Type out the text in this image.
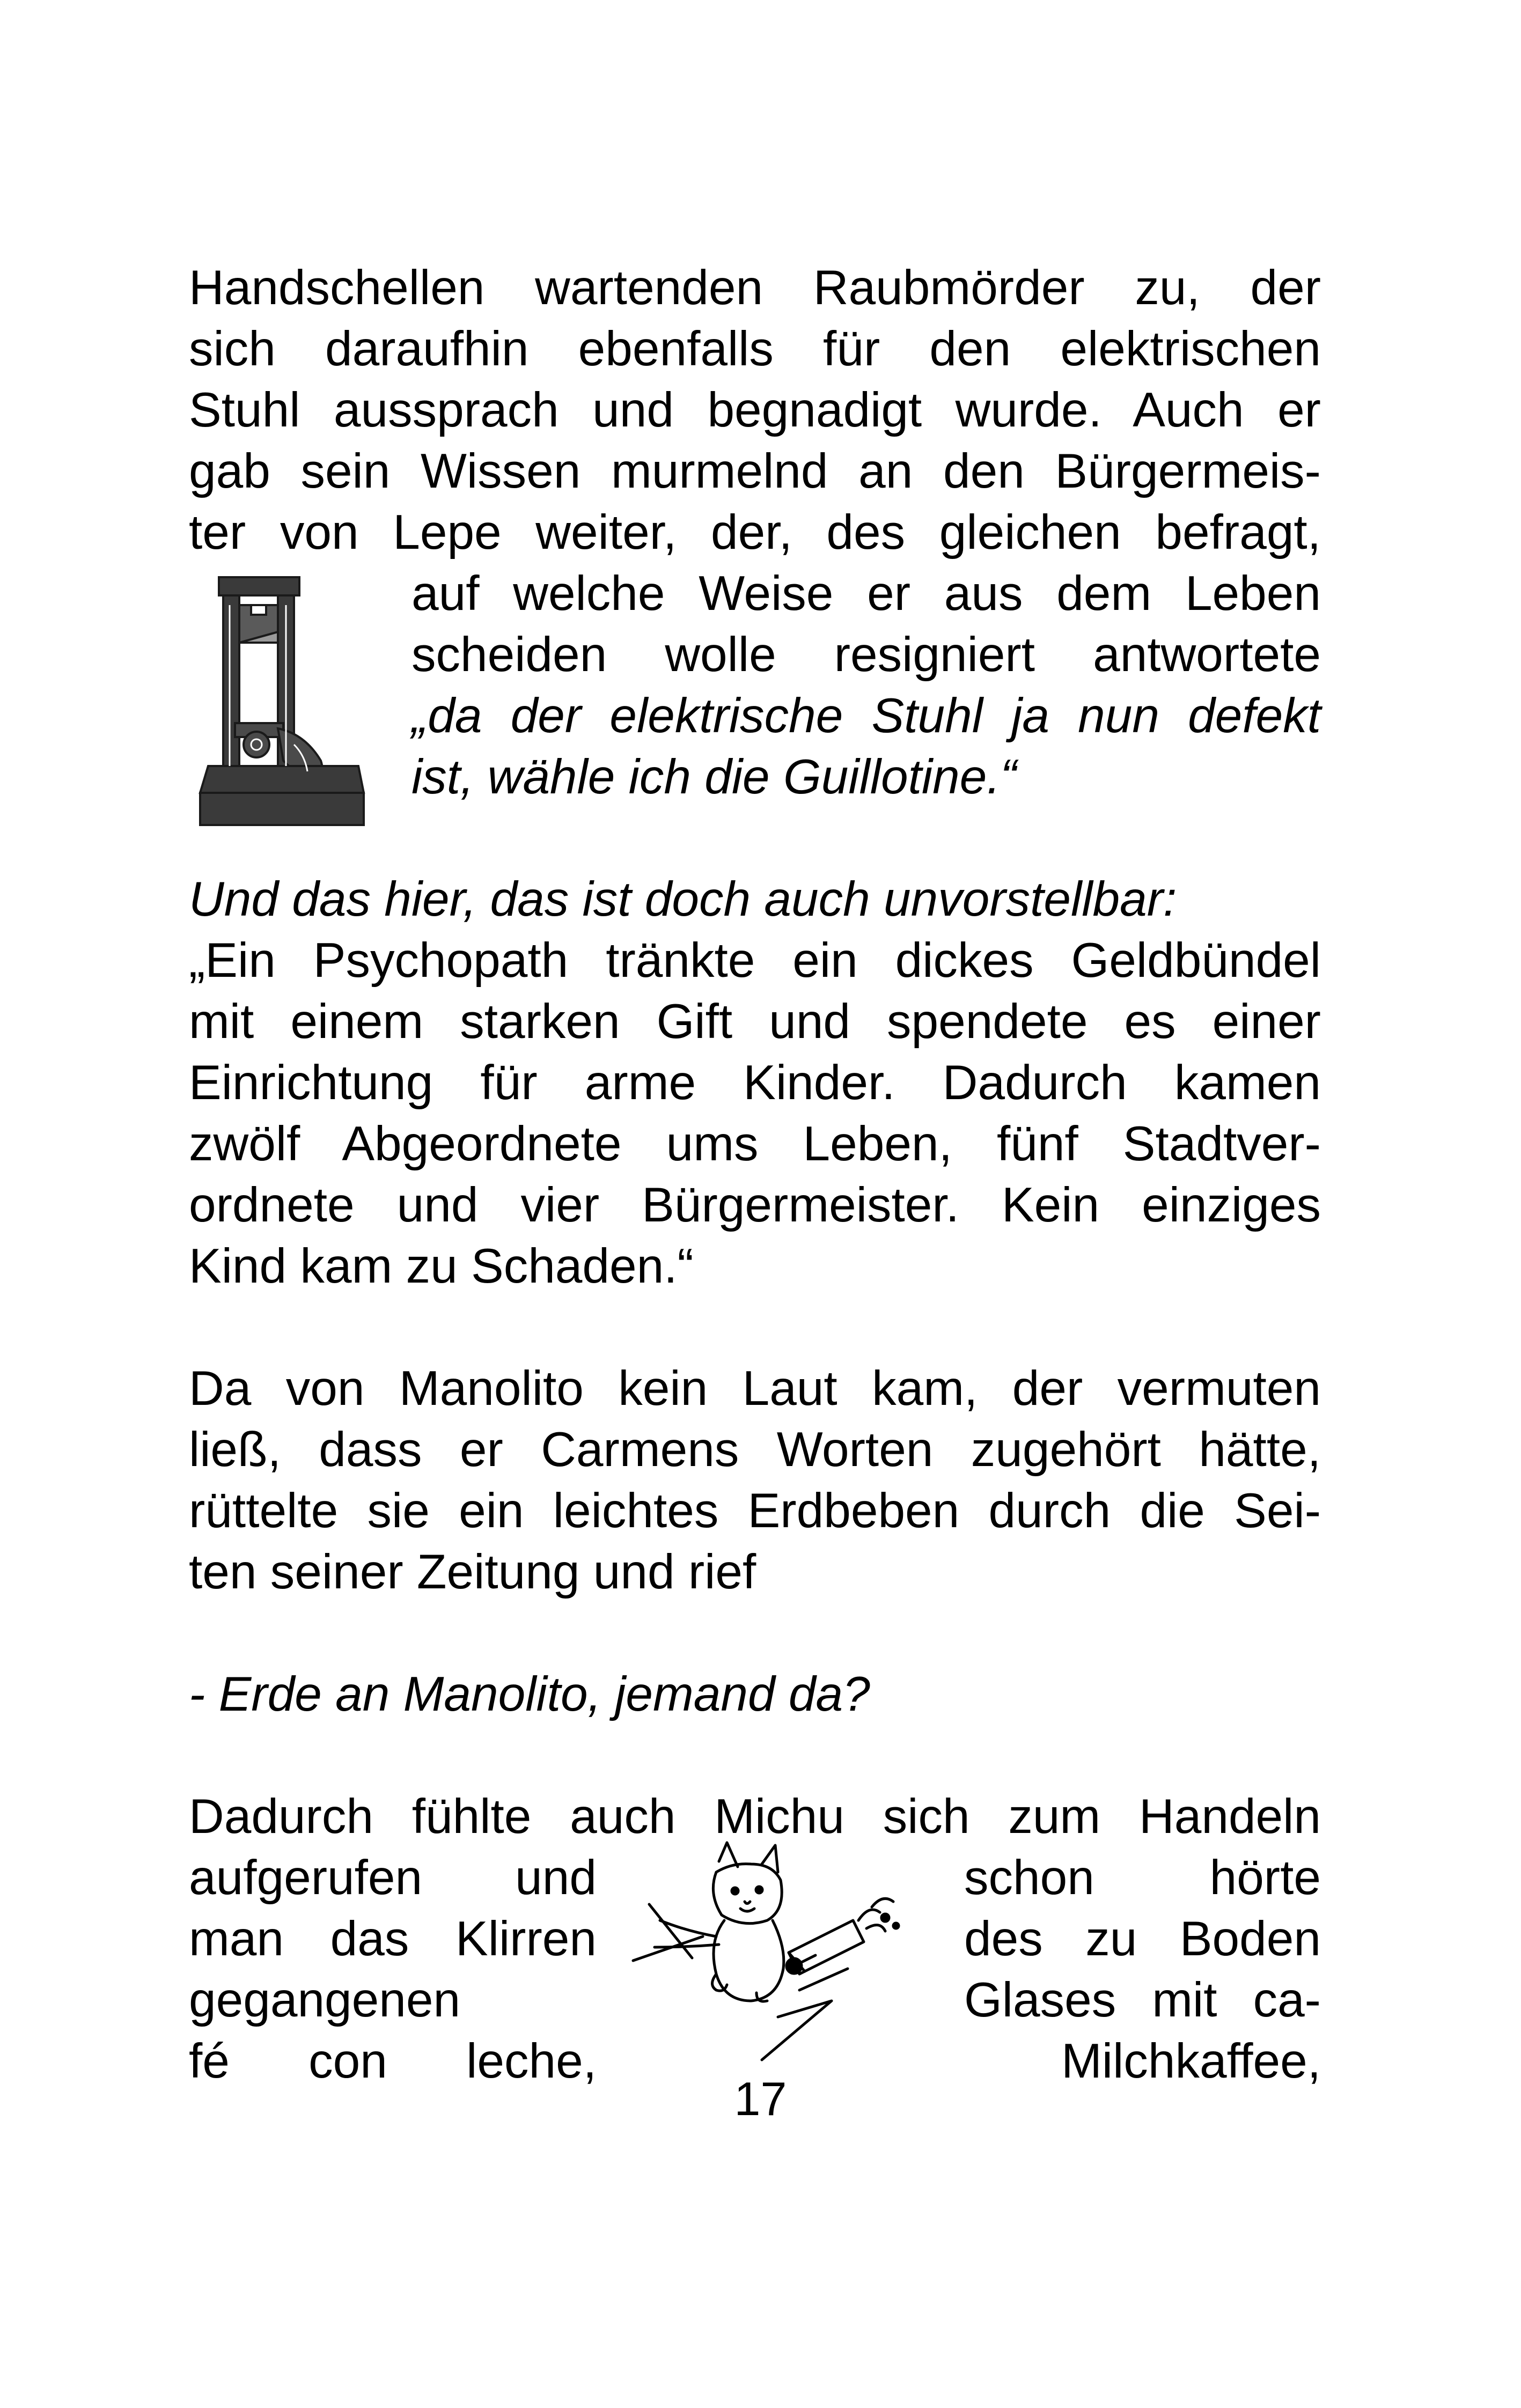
Handschellen wartenden Raubmörder zu, der
sich daraufhin ebenfalls für den elektrischen
Stuhl aussprach und begnadigt wurde. Auch er
gab sein Wissen murmelnd an den Bürgermeis-
ter von Lepe weiter, der, des gleichen befragt,
auf welche Weise er aus dem Leben
scheiden wolle resigniert antwortete
„da der elektrische Stuhl ja nun defekt
ist, wähle ich die Guillotine.“
Und das hier, das ist doch auch unvorstellbar:
„Ein Psychopath tränkte ein dickes Geldbündel
mit einem starken Gift und spendete es einer
Einrichtung für arme Kinder. Dadurch kamen
zwölf Abgeordnete ums Leben, fünf Stadtver-
ordnete und vier Bürgermeister. Kein einziges
Kind kam zu Schaden.“
Da von Manolito kein Laut kam, der vermuten
ließ, dass er Carmens Worten zugehört hätte,
rüttelte sie ein leichtes Erdbeben durch die Sei-
ten seiner Zeitung und rief
- Erde an Manolito, jemand da?
Dadurch fühlte auch Michu sich zum Handeln
aufgerufen und	schon hörte
man das Klirren	des zu Boden
gegangenen	Glases mit ca-
fé con leche,	Milchkaffee,
17
